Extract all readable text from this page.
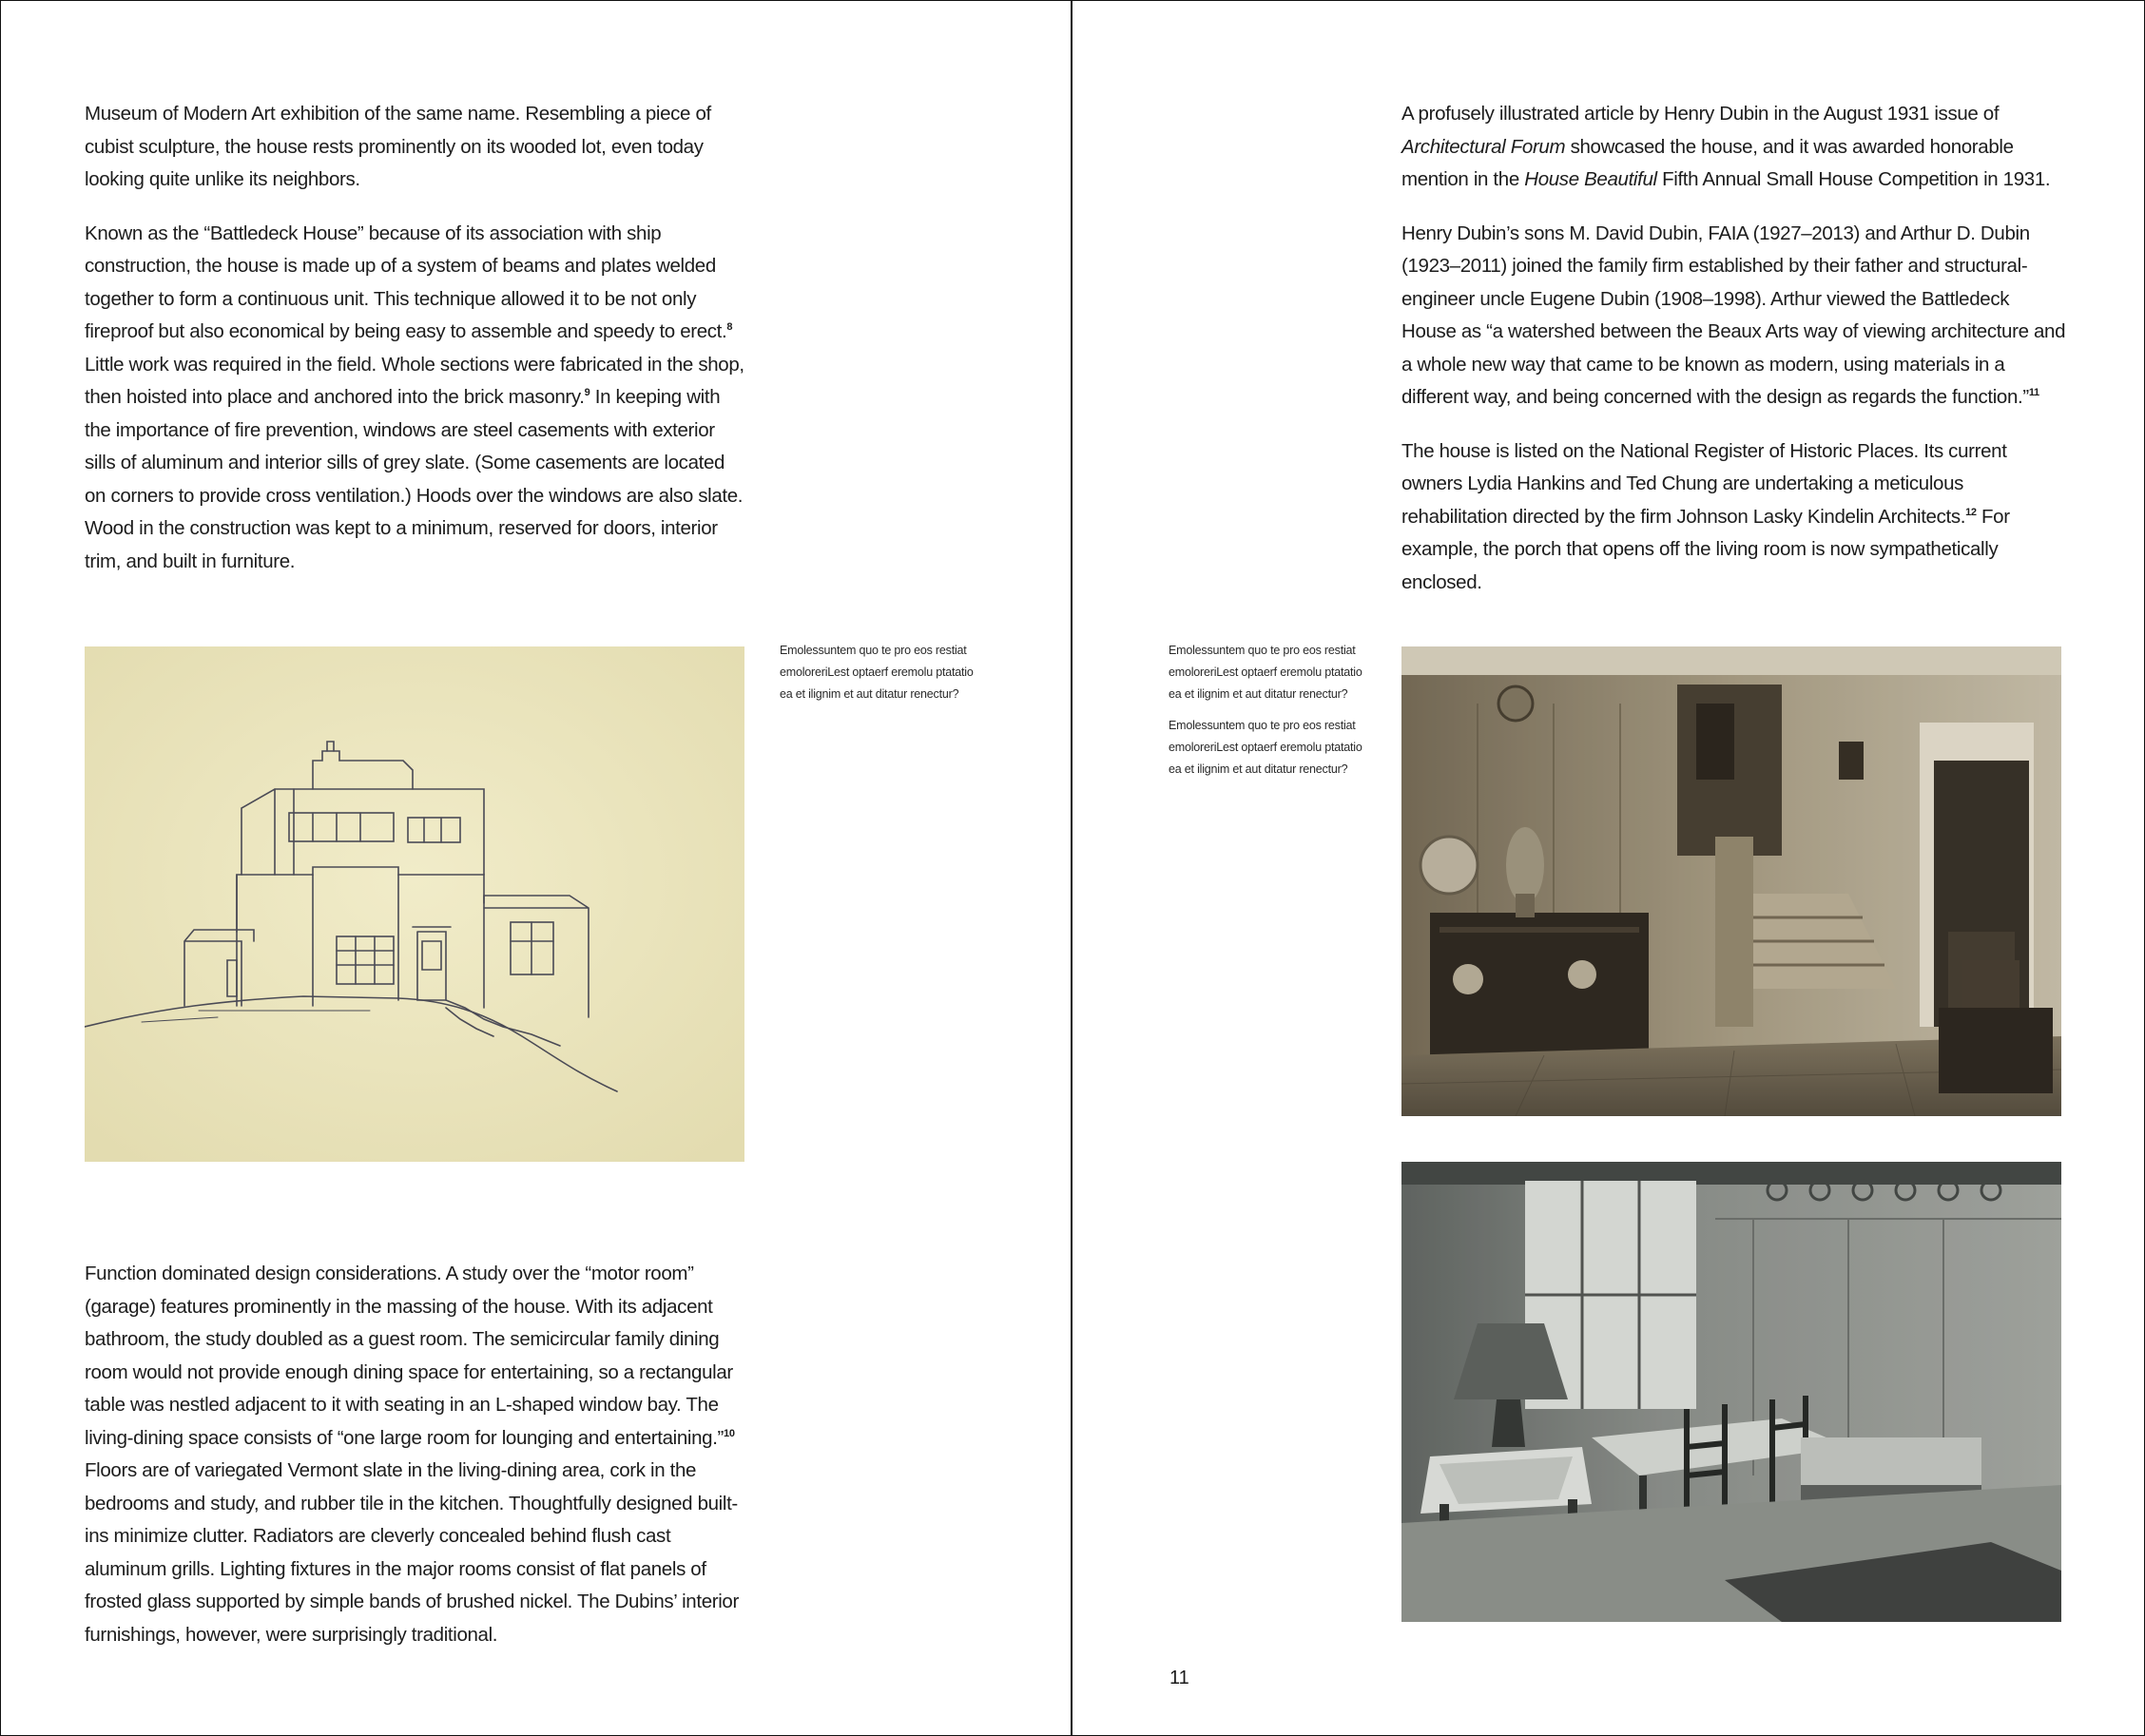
Museum of Modern Art exhibition of the same name. Resembling a piece of cubist sculpture, the house rests prominently on its wooded lot, even today looking quite unlike its neighbors.

Known as the “Battledeck House” because of its association with ship construction, the house is made up of a system of beams and plates welded together to form a continuous unit. This technique allowed it to be not only fireproof but also economical by being easy to assemble and speedy to erect.$^8$ Little work was required in the field. Whole sections were fabricated in the shop, then hoisted into place and anchored into the brick masonry.$^9$ In keeping with the importance of fire prevention, windows are steel casements with exterior sills of aluminum and interior sills of grey slate. (Some casements are located on corners to provide cross ventilation.) Hoods over the windows are also slate. Wood in the construction was kept to a minimum, reserved for doors, interior trim, and built in furniture.

Emolessuntem quo te pro eos restiat emoloreriLest optaerf eremolu ptatatio ea et ilignim et aut ditatur renectur?

Function dominated design considerations. A study over the “motor room” (garage) features prominently in the massing of the house. With its adjacent bathroom, the study doubled as a guest room. The semicircular family dining room would not provide enough dining space for entertaining, so a rectangular table was nestled adjacent to it with seating in an L-shaped window bay. The living-dining space consists of “one large room for lounging and entertaining.”$^{10}$ Floors are of variegated Vermont slate in the living-dining area, cork in the bedrooms and study, and rubber tile in the kitchen. Thoughtfully designed built-ins minimize clutter. Radiators are cleverly concealed behind flush cast aluminum grills. Lighting fixtures in the major rooms consist of flat panels of frosted glass supported by simple bands of brushed nickel. The Dubins’ interior furnishings, however, were surprisingly traditional.

A profusely illustrated article by Henry Dubin in the August 1931 issue of Architectural Forum showcased the house, and it was awarded honorable mention in the House Beautiful Fifth Annual Small House Competition in 1931.

Henry Dubin’s sons M. David Dubin, FAIA (1927–2013) and Arthur D. Dubin (1923–2011) joined the family firm established by their father and structural-engineer uncle Eugene Dubin (1908–1998). Arthur viewed the Battledeck House as “a watershed between the Beaux Arts way of viewing architecture and a whole new way that came to be known as modern, using materials in a different way, and being concerned with the design as regards the function.”$^{11}$

The house is listed on the National Register of Historic Places. Its current owners Lydia Hankins and Ted Chung are undertaking a meticulous rehabilitation directed by the firm Johnson Lasky Kindelin Architects.$^{12}$ For example, the porch that opens off the living room is now sympathetically enclosed.

Emolessuntem quo te pro eos restiat emoloreriLest optaerf eremolu ptatatio ea et ilignim et aut ditatur renectur?

Emolessuntem quo te pro eos restiat emoloreriLest optaerf eremolu ptatatio ea et ilignim et aut ditatur renectur?

11
